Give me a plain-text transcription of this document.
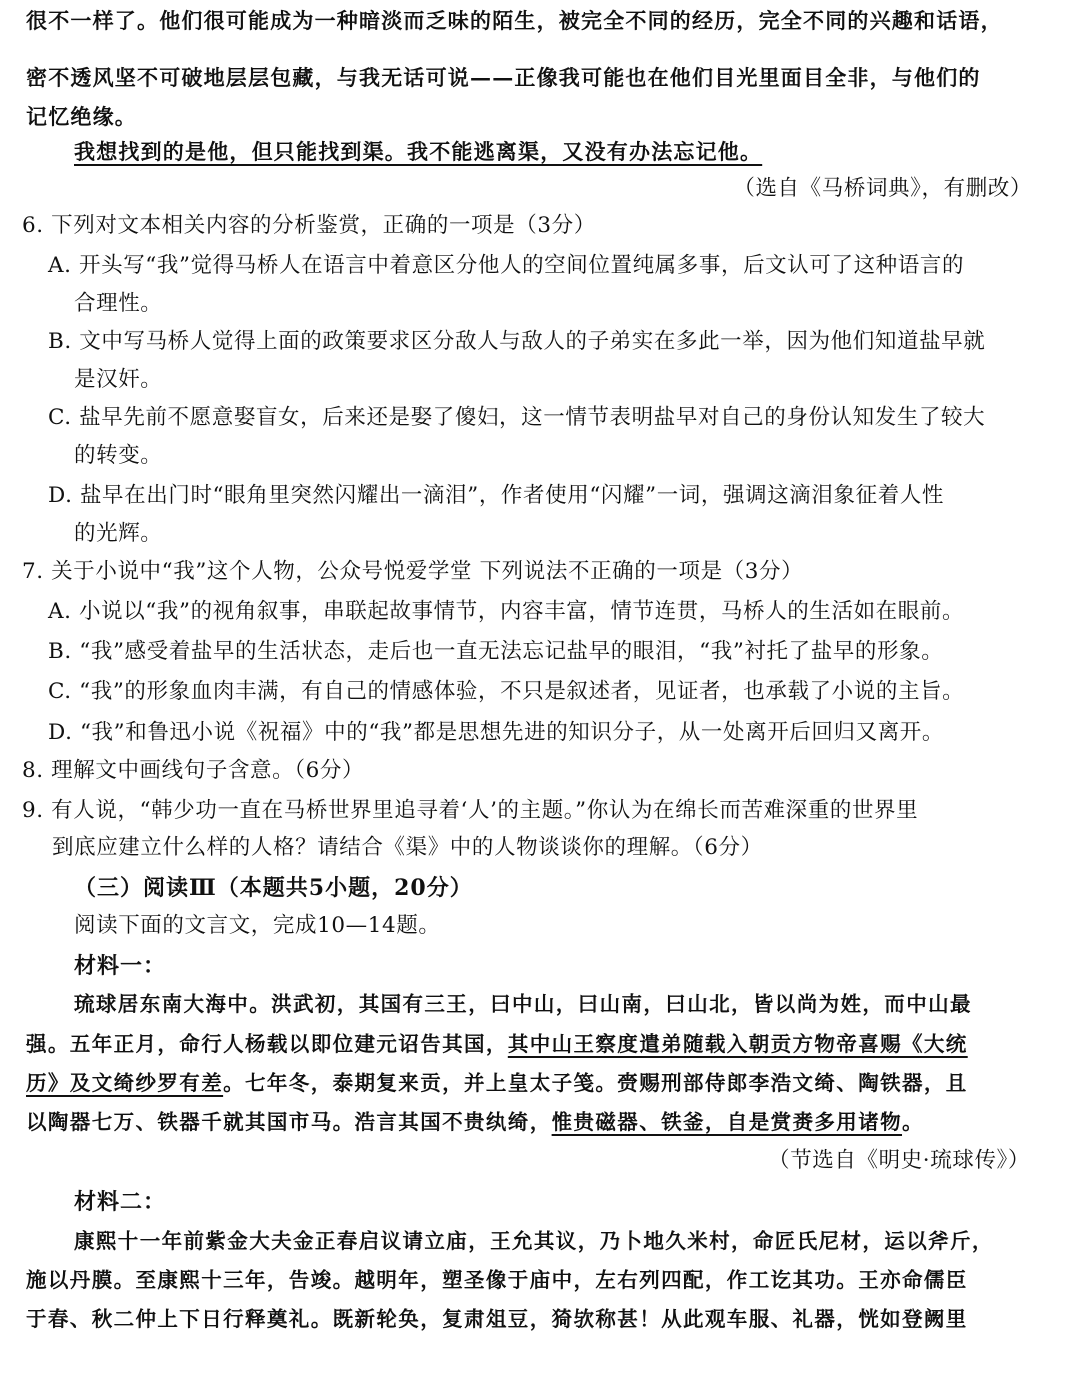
很不一样了。他们很可能成为一种暗淡而乏味的陌生，被完全不同的经历，完全不同的兴趣和话语，

密不透风坚不可破地层层包藏，与我无话可说——正像我可能也在他们目光里面目全非，与他们的

记忆绝缘。

我想找到的是他，但只能找到渠。我不能逃离渠，又没有办法忘记他。

（选自《马桥词典》，有删改）

6. 下列对文本相关内容的分析鉴赏，正确的一项是（3分）

A. 开头写“我”觉得马桥人在语言中着意区分他人的空间位置纯属多事，后文认可了这种语言的

合理性。

B. 文中写马桥人觉得上面的政策要求区分敌人与敌人的子弟实在多此一举，因为他们知道盐早就

是汉奸。

C. 盐早先前不愿意娶盲女，后来还是娶了傻妇，这一情节表明盐早对自己的身份认知发生了较大

的转变。

D. 盐早在出门时“眼角里突然闪耀出一滴泪”，作者使用“闪耀”一词，强调这滴泪象征着人性

的光辉。

7. 关于小说中“我”这个人物，公众号悦爱学堂 下列说法不正确的一项是（3分）

A. 小说以“我”的视角叙事，串联起故事情节，内容丰富，情节连贯，马桥人的生活如在眼前。

B. “我”感受着盐早的生活状态，走后也一直无法忘记盐早的眼泪，“我”衬托了盐早的形象。

C. “我”的形象血肉丰满，有自己的情感体验，不只是叙述者，见证者，也承载了小说的主旨。

D. “我”和鲁迅小说《祝福》中的“我”都是思想先进的知识分子，从一处离开后回归又离开。

8. 理解文中画线句子含意。（6分）

9. 有人说，“韩少功一直在马桥世界里追寻着‘人’的主题。”你认为在绵长而苦难深重的世界里

到底应建立什么样的人格？请结合《渠》中的人物谈谈你的理解。（6分）

（三）阅读Ⅲ（本题共5小题，20分）

阅读下面的文言文，完成10—14题。

材料一：

琉球居东南大海中。洪武初，其国有三王，曰中山，曰山南，曰山北，皆以尚为姓，而中山最

强。五年正月，命行人杨载以即位建元诏告其国，其中山王察度遣弟随载入朝贡方物帝喜赐《大统

历》及文绮纱罗有差。七年冬，泰期复来贡，并上皇太子笺。赍赐刑部侍郎李浩文绮、陶铁器，且

以陶器七万、铁器千就其国市马。浩言其国不贵纨绮，惟贵磁器、铁釜，自是赏赉多用诸物。

（节选自《明史·琉球传》）

材料二：

康熙十一年前紫金大夫金正春启议请立庙，王允其议，乃卜地久米村，命匠氏尼材，运以斧斤，

施以丹膜。至康熙十三年，告竣。越明年，塑圣像于庙中，左右列四配，作工讫其功。王亦命儒臣

于春、秋二仲上下日行释奠礼。既新轮奂，复肃俎豆，猗欤称甚！从此观车服、礼器，恍如登阙里
